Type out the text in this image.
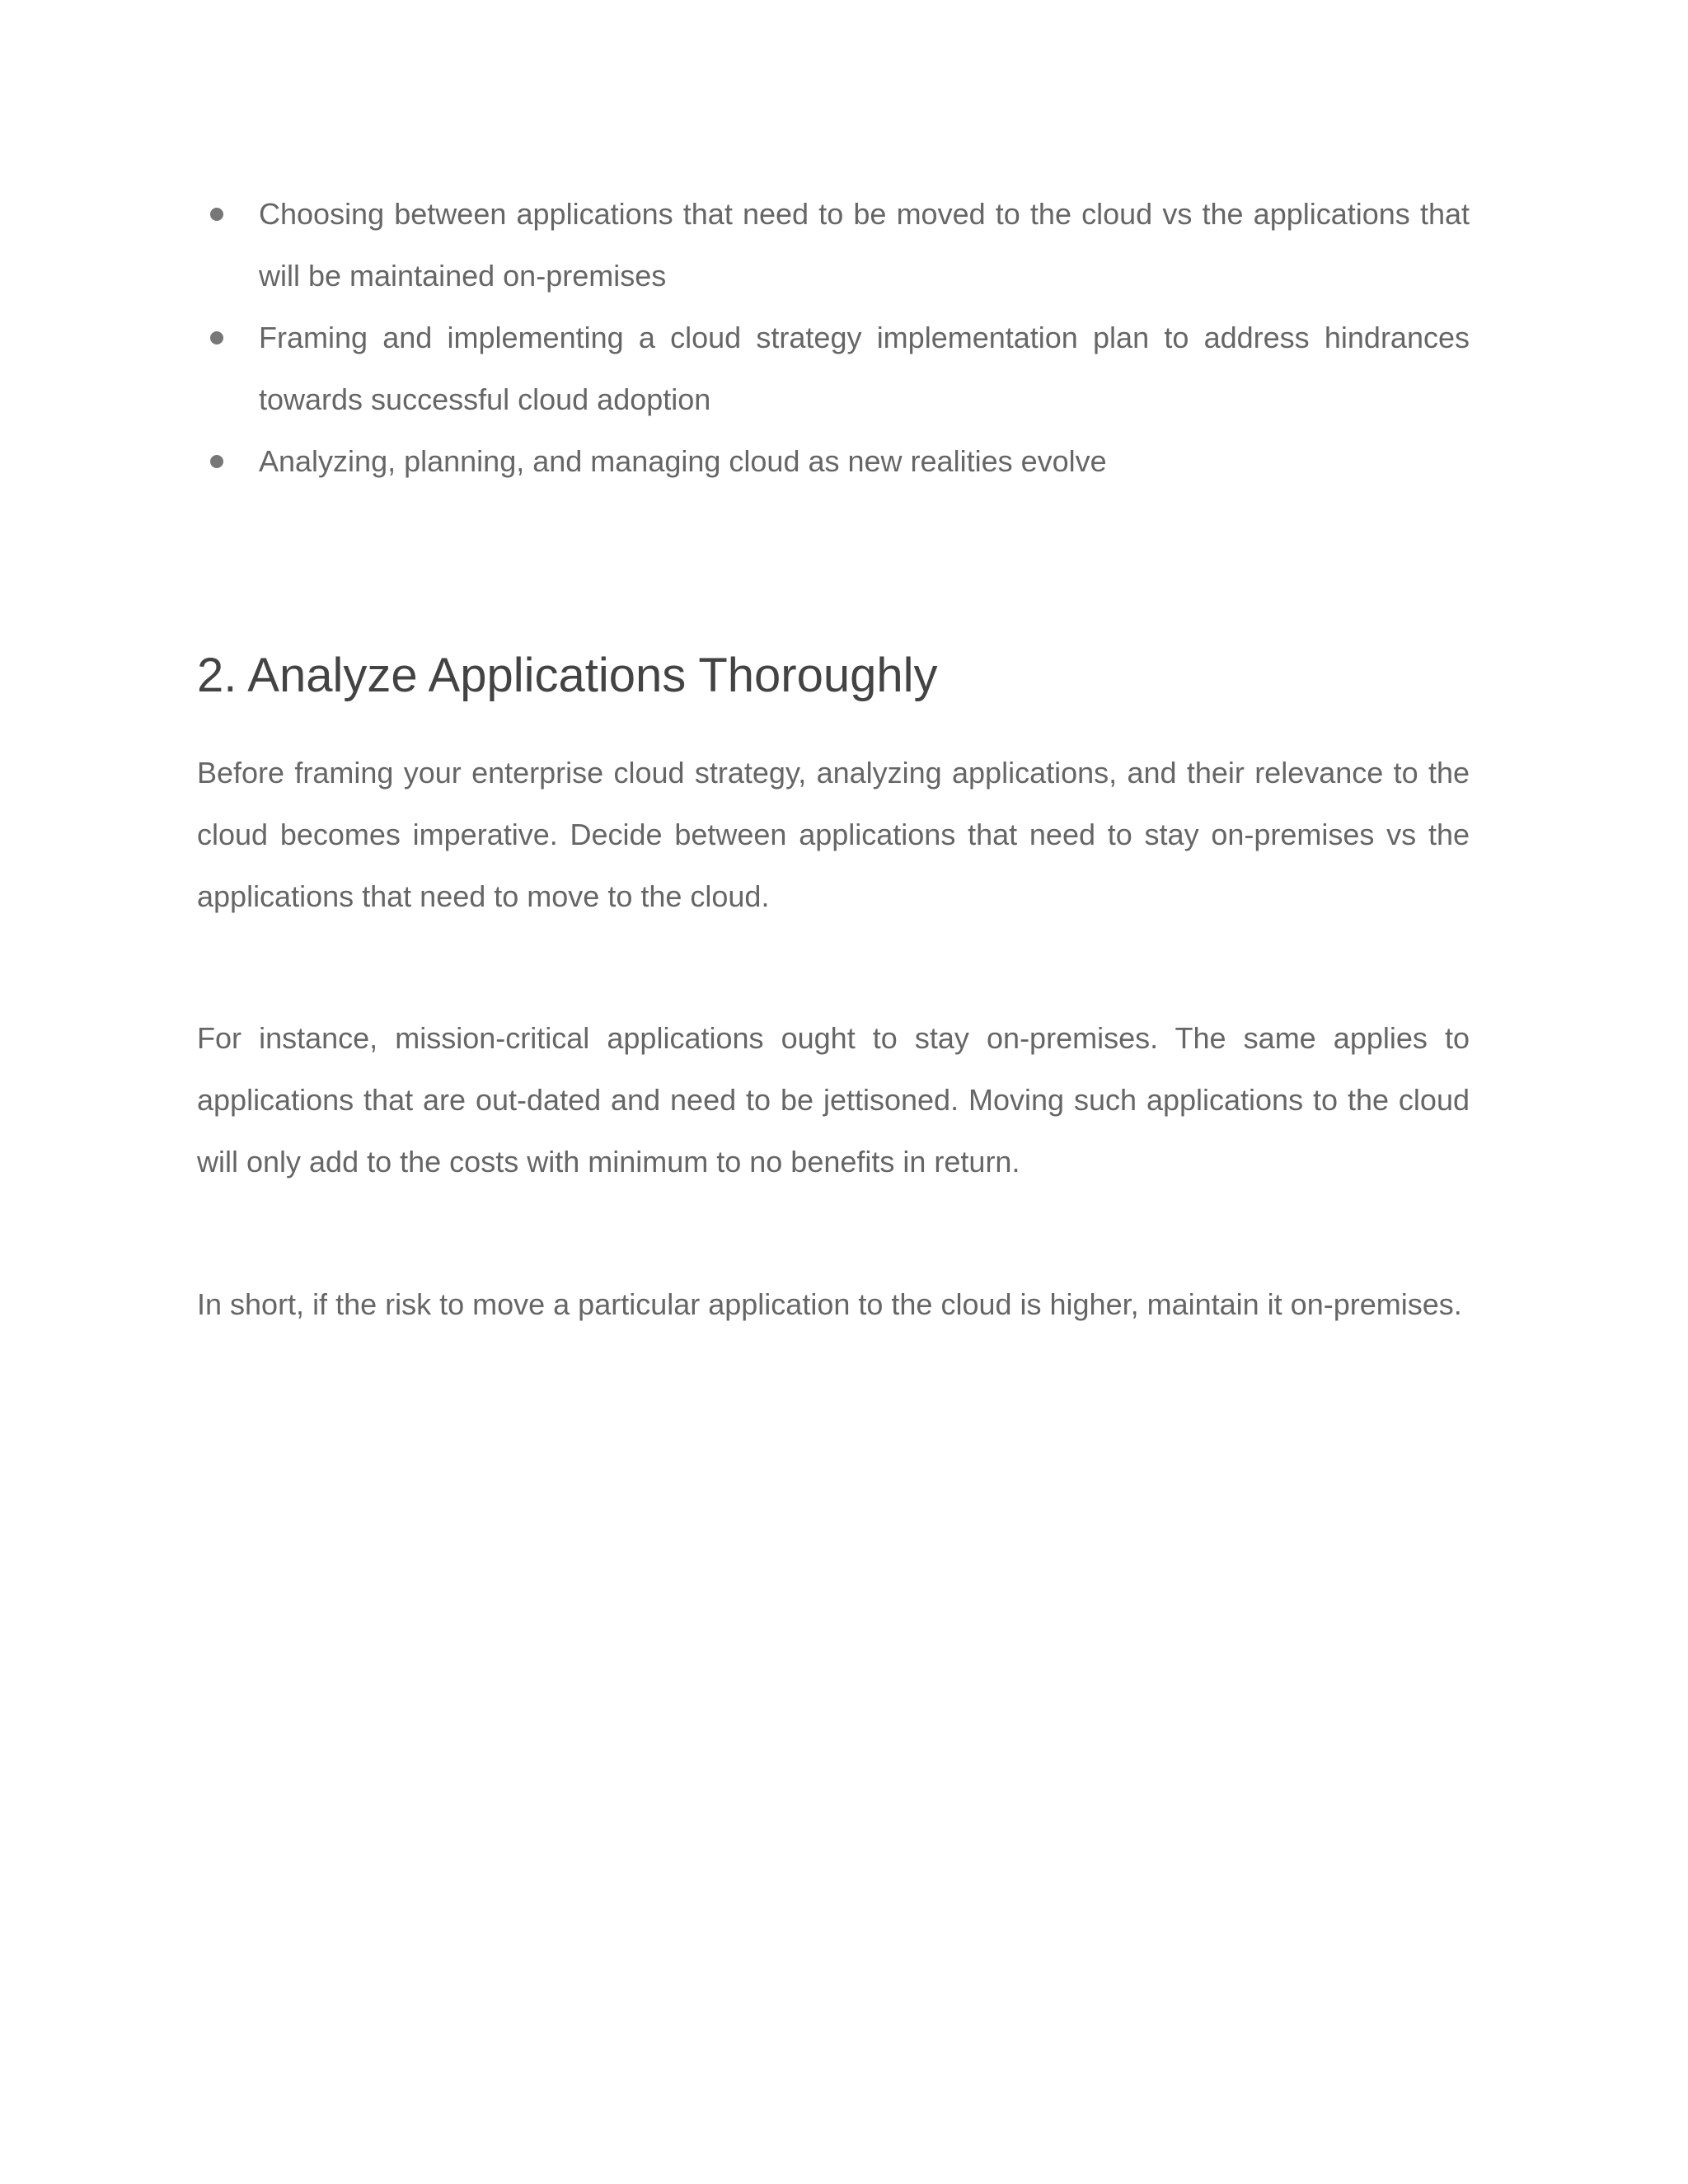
Choosing between applications that need to be moved to the cloud vs the applications that will be maintained on-premises
Framing and implementing a cloud strategy implementation plan to address hindrances towards successful cloud adoption
Analyzing, planning, and managing cloud as new realities evolve
2. Analyze Applications Thoroughly

Before framing your enterprise cloud strategy, analyzing applications, and their relevance to the cloud becomes imperative. Decide between applications that need to stay on-premises vs the applications that need to move to the cloud.

For instance, mission-critical applications ought to stay on-premises. The same applies to applications that are out-dated and need to be jettisoned. Moving such applications to the cloud will only add to the costs with minimum to no benefits in return.

In short, if the risk to move a particular application to the cloud is higher, maintain it on-premises.
